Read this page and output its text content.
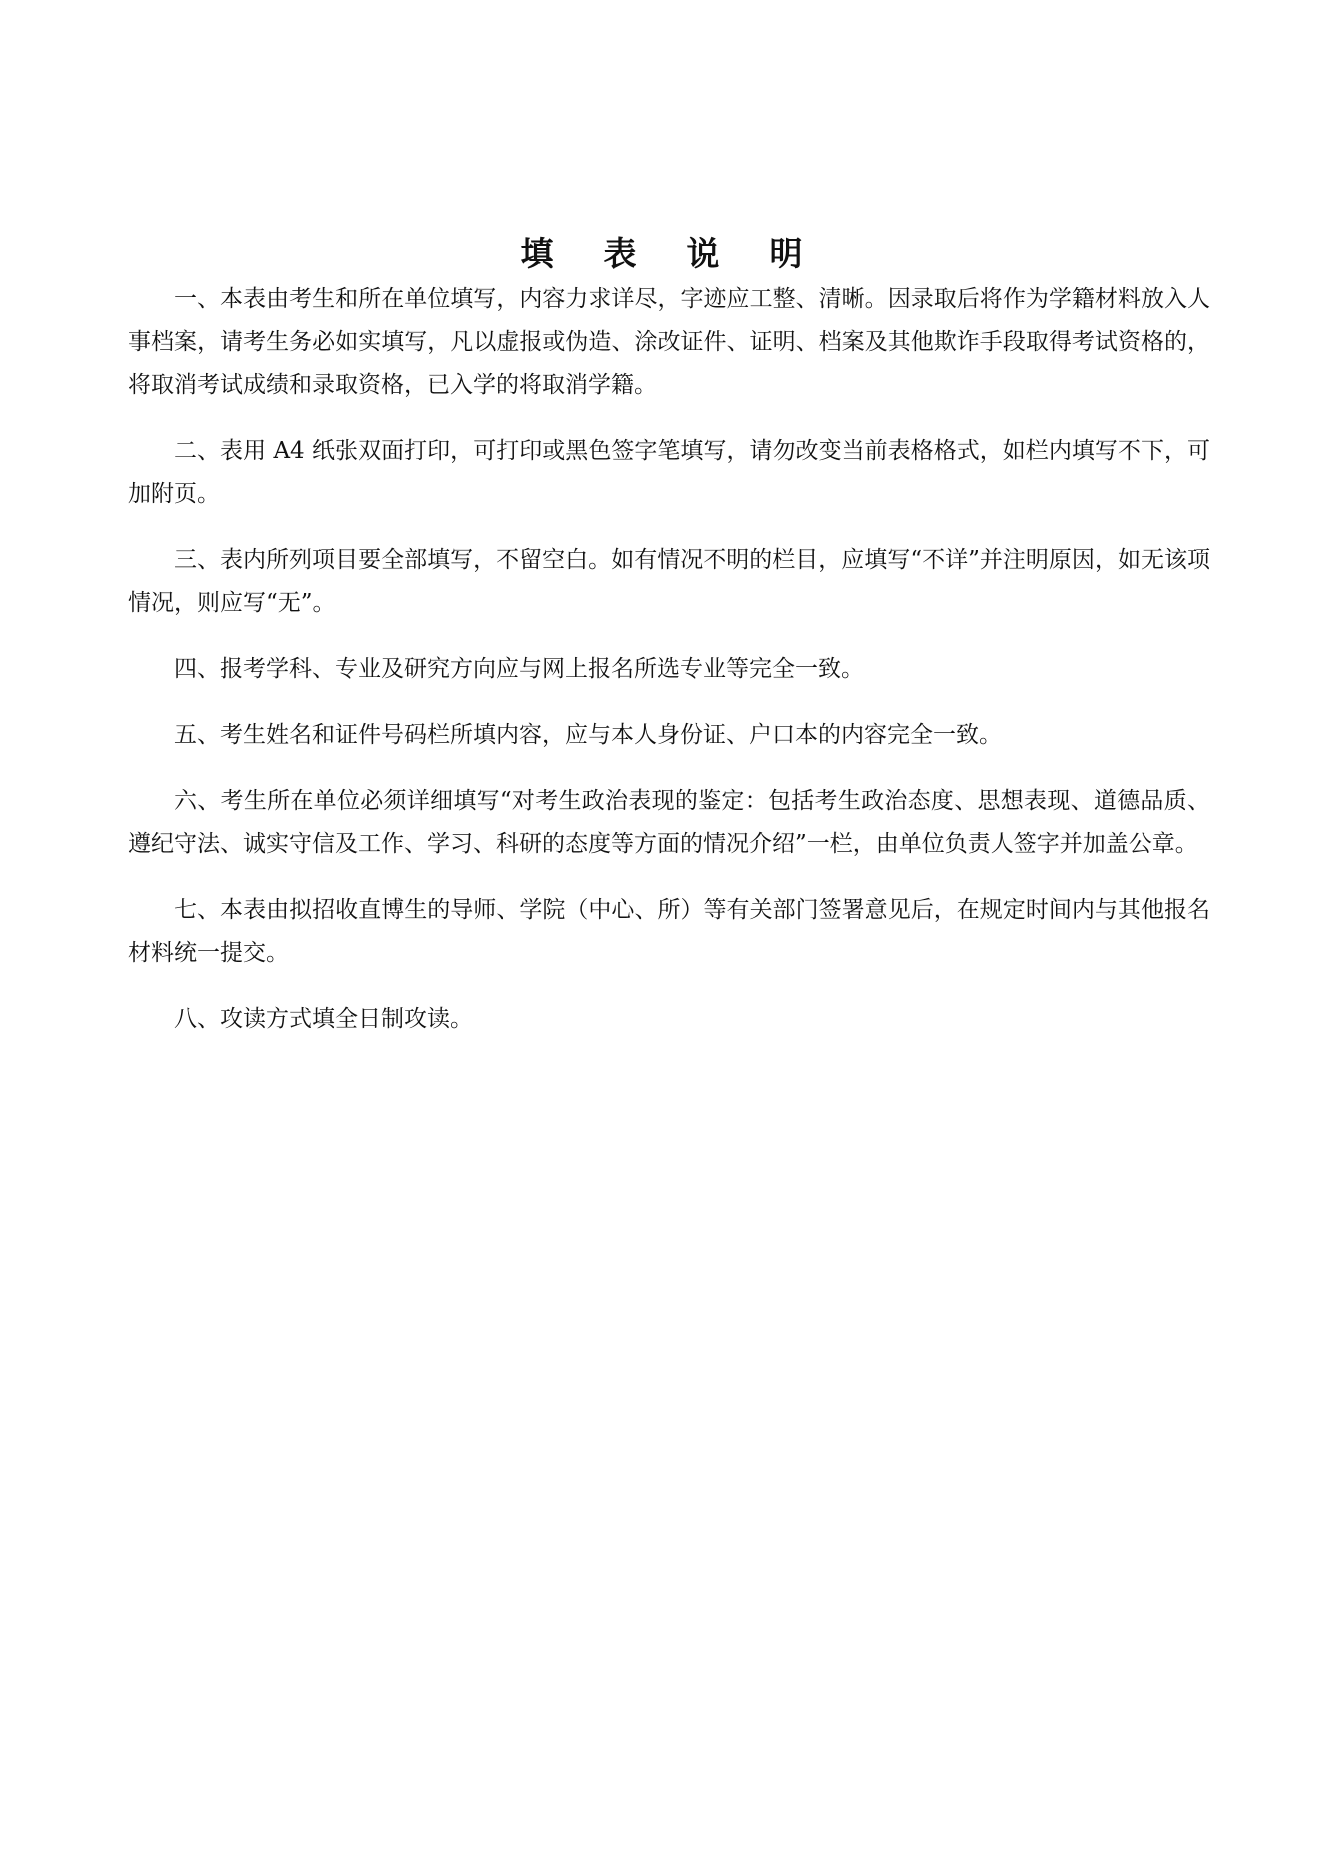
填 表 说 明

一、本表由考生和所在单位填写，内容力求详尽，字迹应工整、清晰。因录取后将作为学籍材料放入人事档案，请考生务必如实填写，凡以虚报或伪造、涂改证件、证明、档案及其他欺诈手段取得考试资格的，将取消考试成绩和录取资格，已入学的将取消学籍。

二、表用 A4 纸张双面打印，可打印或黑色签字笔填写，请勿改变当前表格格式，如栏内填写不下，可加附页。

三、表内所列项目要全部填写，不留空白。如有情况不明的栏目，应填写“不详”并注明原因，如无该项情况，则应写“无”。

四、报考学科、专业及研究方向应与网上报名所选专业等完全一致。

五、考生姓名和证件号码栏所填内容，应与本人身份证、户口本的内容完全一致。

六、考生所在单位必须详细填写“对考生政治表现的鉴定：包括考生政治态度、思想表现、道德品质、遵纪守法、诚实守信及工作、学习、科研的态度等方面的情况介绍”一栏，由单位负责人签字并加盖公章。

七、本表由拟招收直博生的导师、学院（中心、所）等有关部门签署意见后，在规定时间内与其他报名材料统一提交。

八、攻读方式填全日制攻读。
